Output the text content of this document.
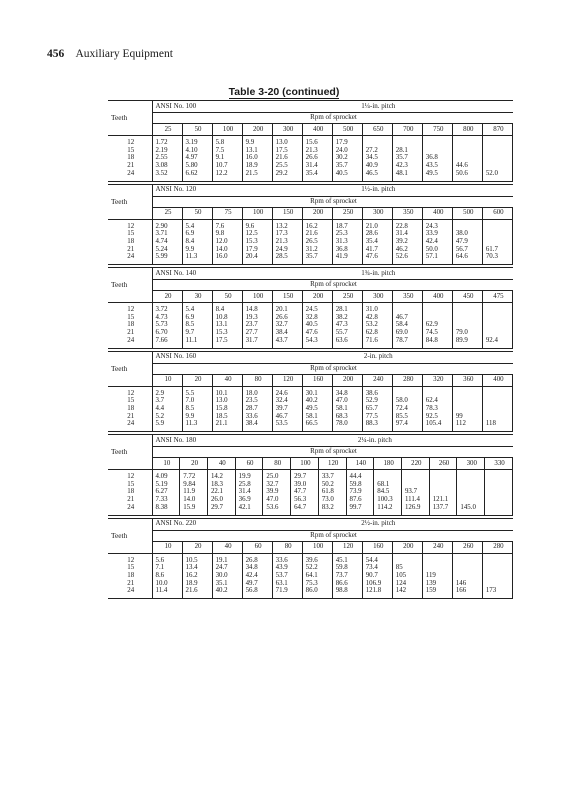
456 Auxiliary Equipment
Table 3-20 (continued)
	ANSI No. 100			1¼-in. pitch								
Teeth	Rpm of sprocket											
	25	50	100	200	300	400	500	650	700	750	800	870
12	1.72	3.19	5.8	9.9	13.0	15.6	17.9					
15	2.19	4.10	7.5	13.1	17.5	21.3	24.0	27.2	28.1			
18	2.55	4.97	9.1	16.0	21.6	26.6	30.2	34.5	35.7	36.8		
21	3.08	5.80	10.7	18.9	25.5	31.4	35.7	40.9	42.3	43.5	44.6	
24	3.52	6.62	12.2	21.5	29.2	35.4	40.5	46.5	48.1	49.5	50.6	52.0
	ANSI No. 120			1½-in. pitch								
Teeth	Rpm of sprocket											
	25	50	75	100	150	200	250	300	350	400	500	600
12	2.90	5.4	7.6	9.6	13.2	16.2	18.7	21.0	22.8	24.3		
15	3.71	6.9	9.8	12.5	17.3	21.6	25.3	28.6	31.4	33.9	38.0	
18	4.74	8.4	12.0	15.3	21.3	26.5	31.3	35.4	39.2	42.4	47.9	
21	5.24	9.9	14.0	17.9	24.9	31.2	36.8	41.7	46.2	50.0	56.7	61.7
24	5.99	11.3	16.0	20.4	28.5	35.7	41.9	47.6	52.6	57.1	64.6	70.3
	ANSI No. 140			1¾-in. pitch								
Teeth	Rpm of sprocket											
	20	30	50	100	150	200	250	300	350	400	450	475
12	3.72	5.4	8.4	14.8	20.1	24.5	28.1	31.0				
15	4.73	6.9	10.8	19.3	26.6	32.8	38.2	42.8	46.7			
18	5.73	8.5	13.1	23.7	32.7	40.5	47.3	53.2	58.4	62.9		
21	6.70	9.7	15.3	27.7	38.4	47.6	55.7	62.8	69.0	74.5	79.0	
24	7.66	11.1	17.5	31.7	43.7	54.3	63.6	71.6	78.7	84.8	89.9	92.4
	ANSI No. 160			2-in. pitch								
Teeth	Rpm of sprocket											
	10	20	40	80	120	160	200	240	280	320	360	400
12	2.9	5.5	10.1	18.0	24.6	30.1	34.8	38.6				
15	3.7	7.0	13.0	23.5	32.4	40.2	47.0	52.9	58.0	62.4		
18	4.4	8.5	15.8	28.7	39.7	49.5	58.1	65.7	72.4	78.3		
21	5.2	9.9	18.5	33.6	46.7	58.1	68.3	77.5	85.5	92.5	99	
24	5.9	11.3	21.1	38.4	53.5	66.5	78.0	88.3	97.4	105.4	112	118
	ANSI No. 180			2¼-in. pitch									
Teeth	Rpm of sprocket												
	10	20	40	60	80	100	120	140	180	220	260	300	330
12	4.09	7.72	14.2	19.9	25.0	29.7	33.7	44.4					
15	5.19	9.84	18.3	25.8	32.7	39.0	50.2	59.8	68.1				
18	6.27	11.9	22.1	31.4	39.9	47.7	61.8	73.9	84.5	93.7			
21	7.33	14.0	26.0	36.9	47.0	56.3	73.0	87.6	100.3	111.4	121.1		
24	8.38	15.9	29.7	42.1	53.6	64.7	83.2	99.7	114.2	126.9	137.7	145.0	
	ANSI No. 220			2½-in. pitch								
Teeth	Rpm of sprocket											
	10	20	40	60	80	100	120	160	200	240	260	280
12	5.6	10.5	19.1	26.8	33.6	39.6	45.1	54.4				
15	7.1	13.4	24.7	34.8	43.9	52.2	59.8	73.4	85			
18	8.6	16.2	30.0	42.4	53.7	64.1	73.7	90.7	105	119		
21	10.0	18.9	35.1	49.7	63.1	75.3	86.6	106.9	124	139	146	
24	11.4	21.6	40.2	56.8	71.9	86.0	98.8	121.8	142	159	166	173
